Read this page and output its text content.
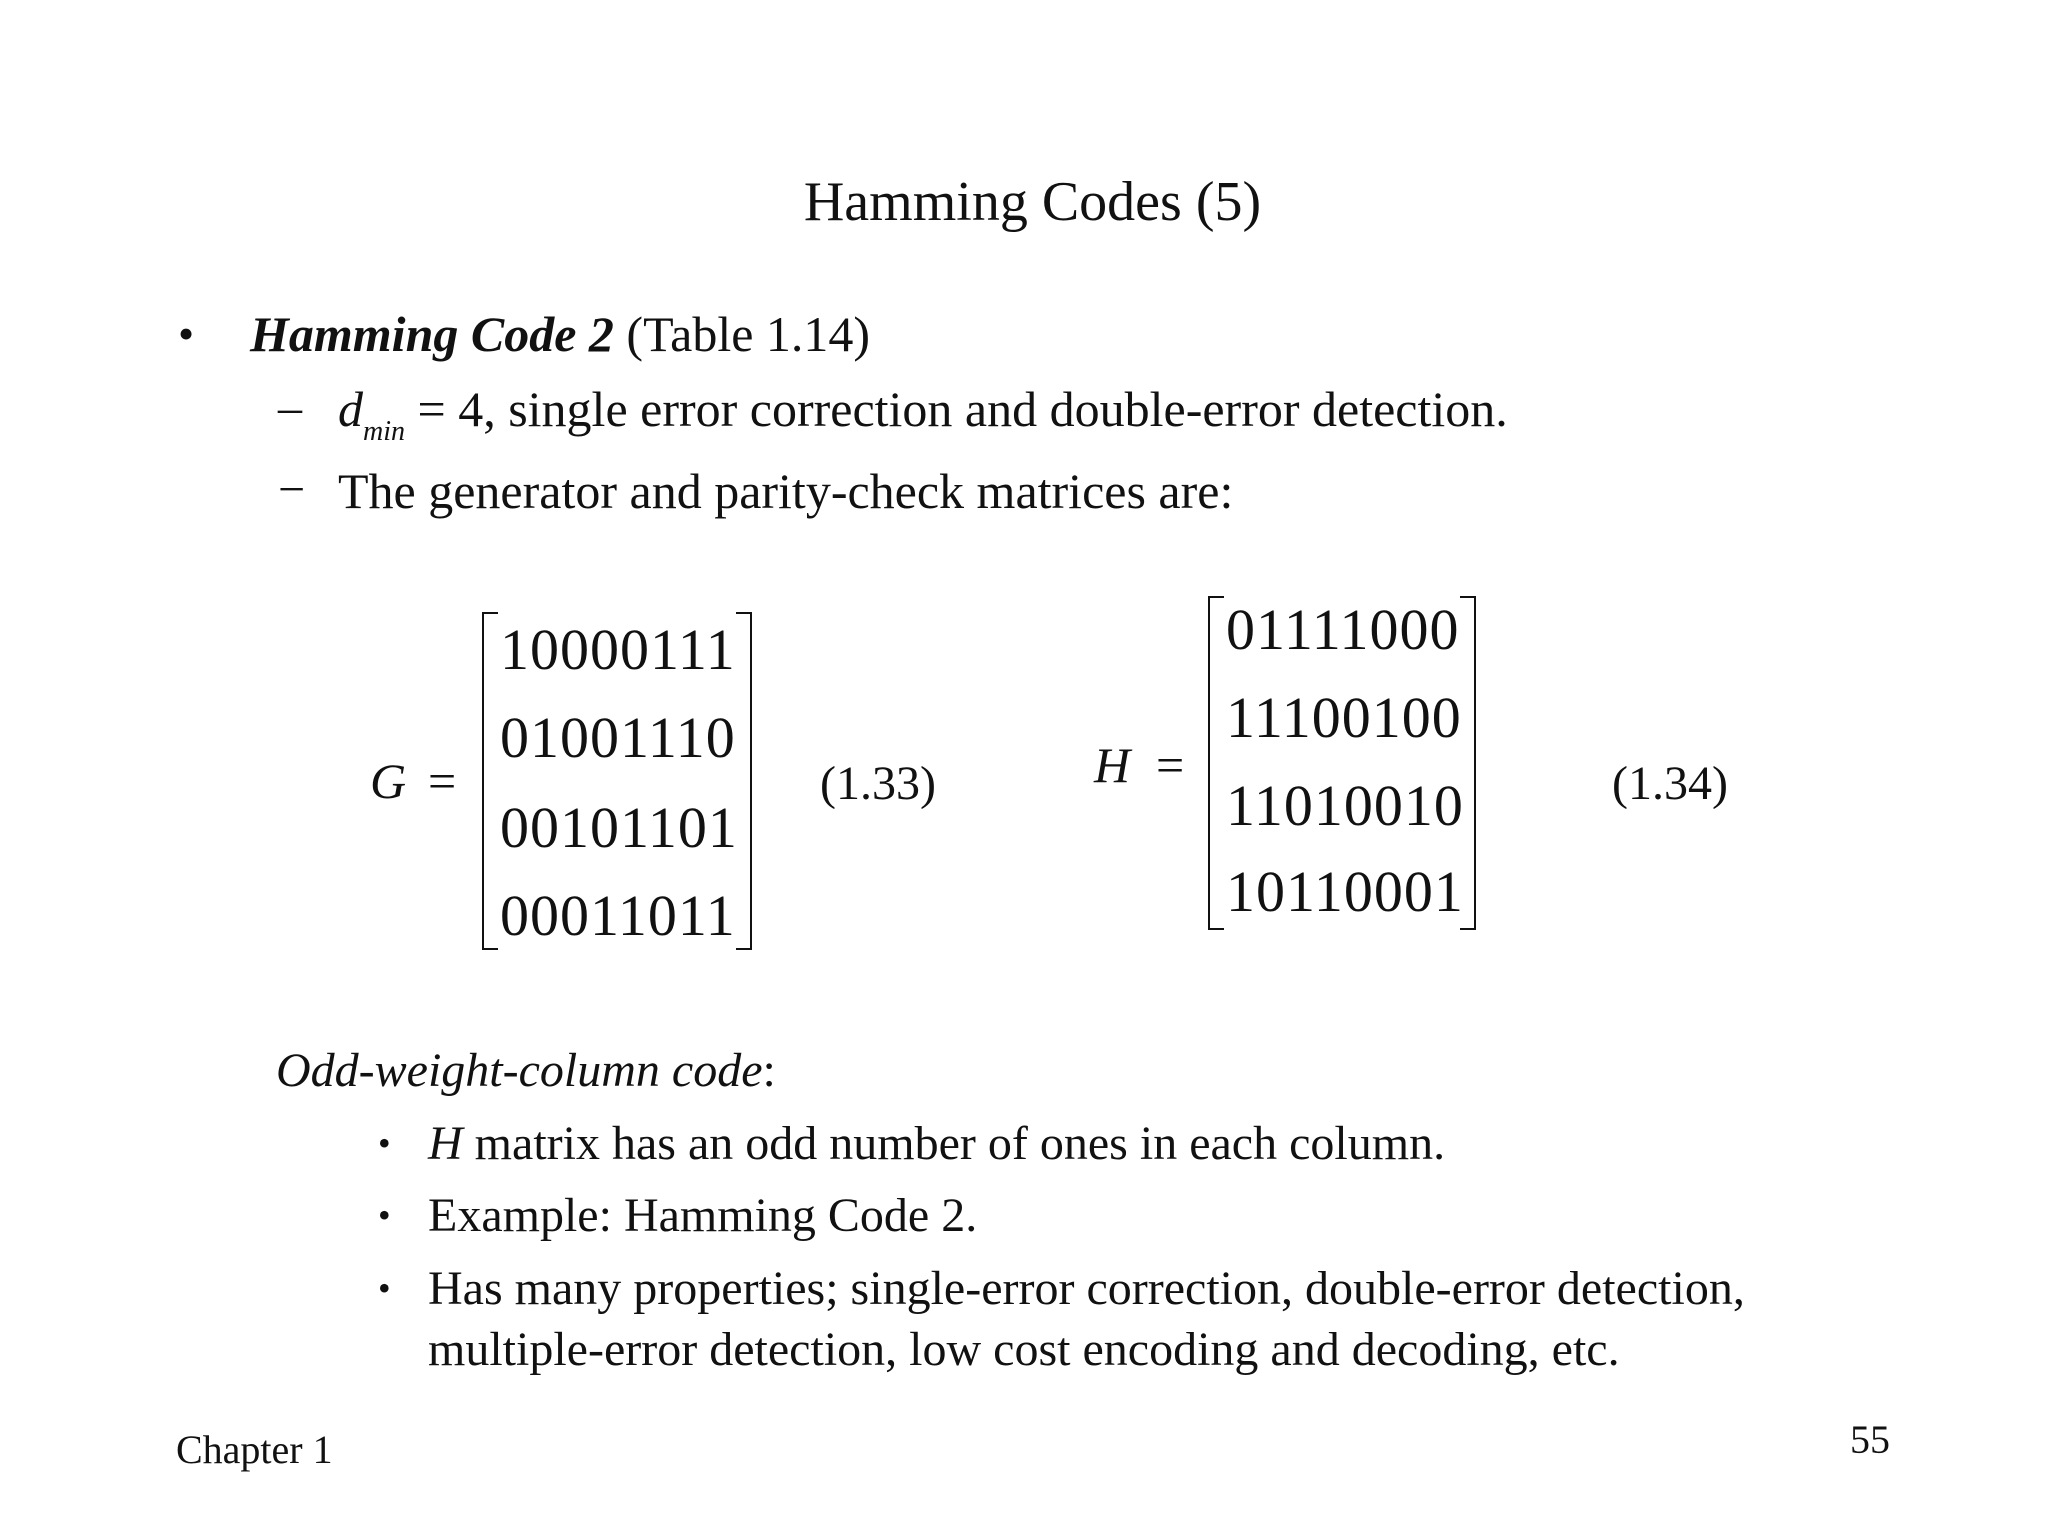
Hamming Codes (5)
• Hamming Code 2 (Table 1.14)
– $d_{min} = 4$, single error correction and double-error detection.
− The generator and parity-check matrices are:
G =
10000111
01001110
00101101
00011011
(1.33)	H =
01111000
11100100
11010010
10110001
(1.34)
Odd-weight-column code:
• H matrix has an odd number of ones in each column.
• Example: Hamming Code 2.
• Has many properties; single-error correction, double-error detection,
multiple-error detection, low cost encoding and decoding, etc.
Chapter 1	55
